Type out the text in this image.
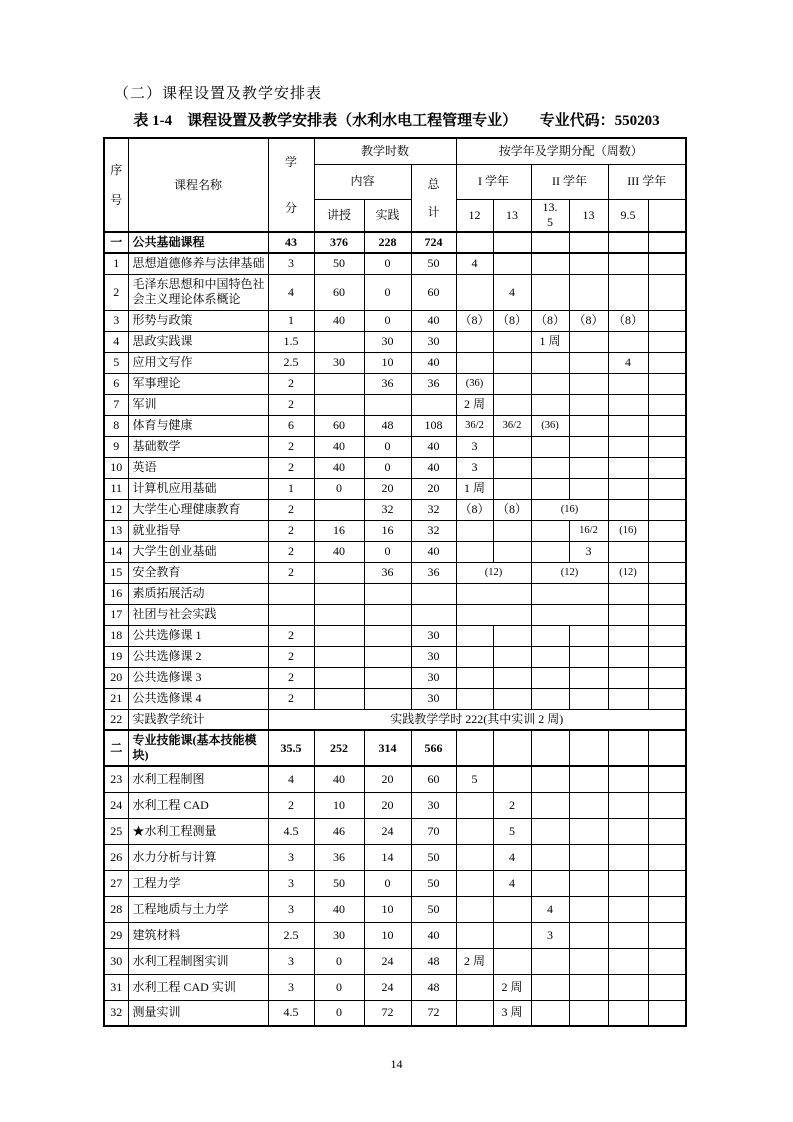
（二）课程设置及教学安排表
表 1-4　课程设置及教学安排表（水利水电工程管理专业）　　专业代码：550203
序号	课程名称	学分	教学时数			按学年及学期分配（周数）					
			内容		总计	I 学年		II 学年		III 学年	
			讲授	实践		12	13	13.5	13	9.5	
一	公共基础课程	43	376	228	724						
1	思想道德修养与法律基础	3	50	0	50	4					
2	毛泽东思想和中国特色社会主义理论体系概论	4	60	0	60		4				
3	形势与政策	1	40	0	40	（8）	（8）	（8）	（8）	（8）	
4	思政实践课	1.5		30	30			1 周			
5	应用文写作	2.5	30	10	40					4	
6	军事理论	2		36	36	(36)					
7	军训	2				2 周					
8	体育与健康	6	60	48	108	36/2	36/2	(36)			
9	基础数学	2	40	0	40	3					
10	英语	2	40	0	40	3					
11	计算机应用基础	1	0	20	20	1 周					
12	大学生心理健康教育	2		32	32	（8）	（8）	(16)			
13	就业指导	2	16	16	32				16/2	(16)	
14	大学生创业基础	2	40	0	40				3		
15	安全教育	2		36	36	(12)		(12)		(12)	
16	素质拓展活动										
17	社团与社会实践										
18	公共选修课 1	2			30						
19	公共选修课 2	2			30						
20	公共选修课 3	2			30						
21	公共选修课 4	2			30						
22	实践教学统计	实践教学学时 222(其中实训 2 周)									
二	专业技能课(基本技能模块)	35.5	252	314	566						
23	水利工程制图	4	40	20	60	5					
24	水利工程 CAD	2	10	20	30		2				
25	★水利工程测量	4.5	46	24	70		5				
26	水力分析与计算	3	36	14	50		4				
27	工程力学	3	50	0	50		4				
28	工程地质与土力学	3	40	10	50			4			
29	建筑材料	2.5	30	10	40			3			
30	水利工程制图实训	3	0	24	48	2 周					
31	水利工程 CAD 实训	3	0	24	48		2 周				
32	测量实训	4.5	0	72	72		3 周				
14
